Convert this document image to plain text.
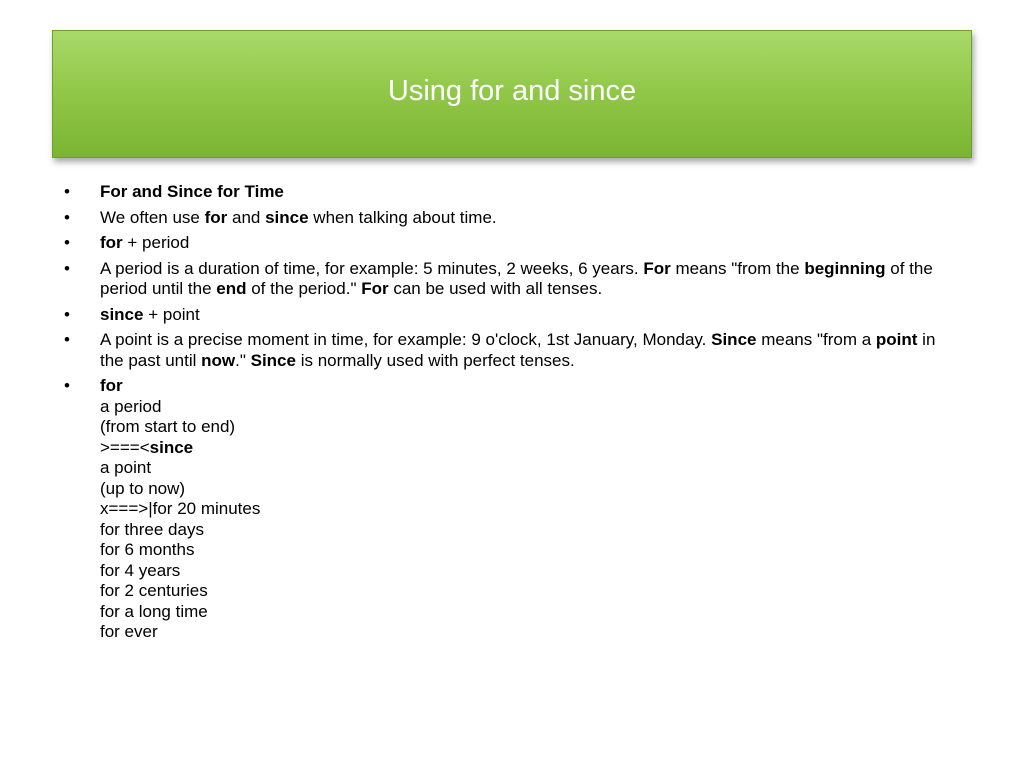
Using for and since
• For and Since for Time
• We often use for and since when talking about time.
• for + period
• A period is a duration of time, for example: 5 minutes, 2 weeks, 6 years. For means "from the beginning of the period until the end of the period." For can be used with all tenses.
• since + point
• A point is a precise moment in time, for example: 9 o'clock, 1st January, Monday. Since means "from a point in the past until now." Since is normally used with perfect tenses.
• for
a period
(from start to end)
>===<since
a point
(up to now)
x===>|for 20 minutes
for three days
for 6 months
for 4 years
for 2 centuries
for a long time
for ever
